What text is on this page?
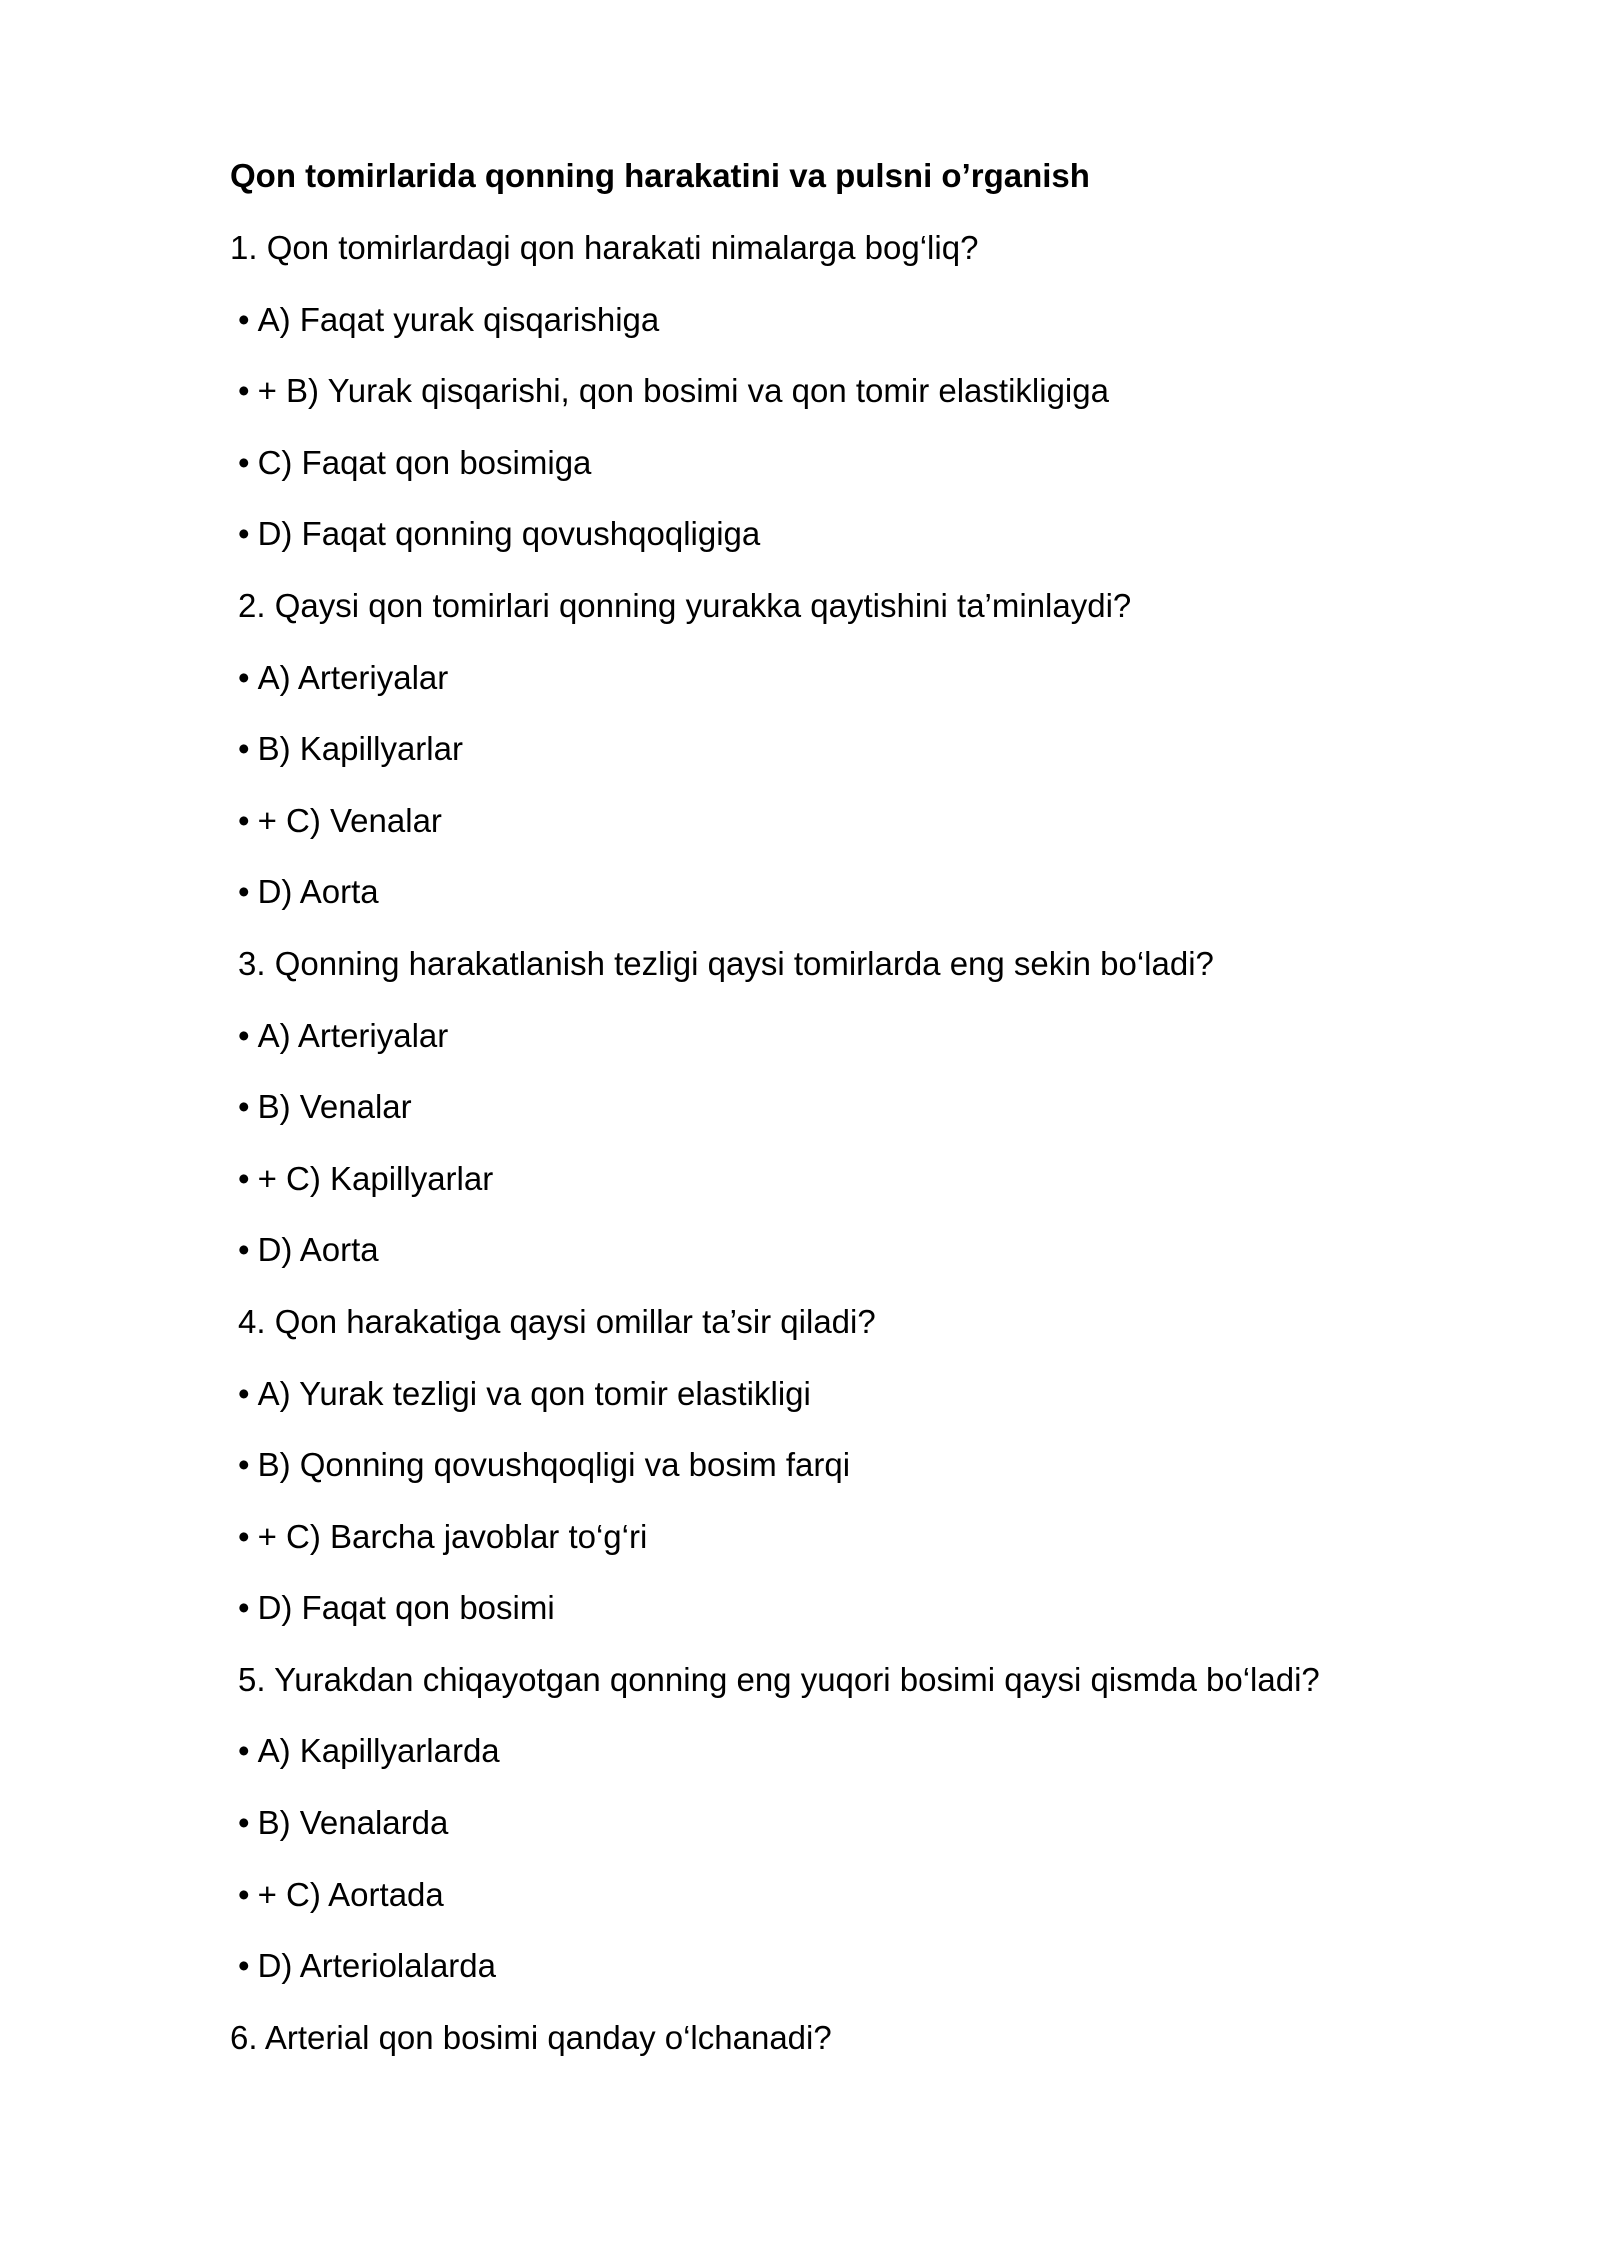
Qon tomirlarida qonning harakatini va pulsni o’rganish
1. Qon tomirlardagi qon harakati nimalarga bog‘liq?
• A) Faqat yurak qisqarishiga
• + B) Yurak qisqarishi, qon bosimi va qon tomir elastikligiga
• C) Faqat qon bosimiga
• D) Faqat qonning qovushqoqligiga
2. Qaysi qon tomirlari qonning yurakka qaytishini ta’minlaydi?
• A) Arteriyalar
• B) Kapillyarlar
• + C) Venalar
• D) Aorta
3. Qonning harakatlanish tezligi qaysi tomirlarda eng sekin bo‘ladi?
• A) Arteriyalar
• B) Venalar
• + C) Kapillyarlar
• D) Aorta
4. Qon harakatiga qaysi omillar ta’sir qiladi?
• A) Yurak tezligi va qon tomir elastikligi
• B) Qonning qovushqoqligi va bosim farqi
• + C) Barcha javoblar to‘g‘ri
• D) Faqat qon bosimi
5. Yurakdan chiqayotgan qonning eng yuqori bosimi qaysi qismda bo‘ladi?
• A) Kapillyarlarda
• B) Venalarda
• + C) Aortada
• D) Arteriolalarda
6. Arterial qon bosimi qanday o‘lchanadi?
